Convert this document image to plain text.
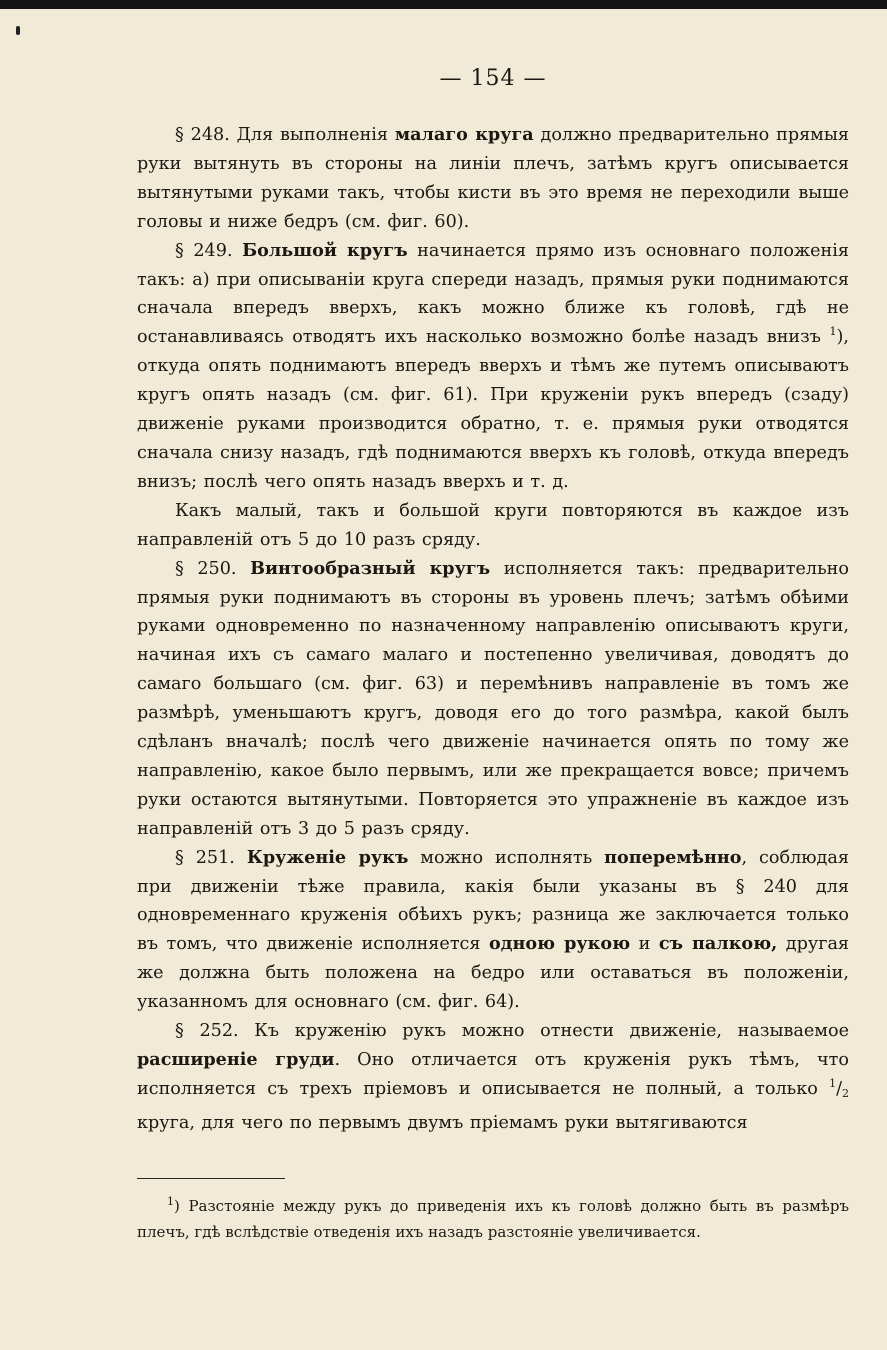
— 154 —

§ 248. Для выполненія малаго круга должно предварительно прямыя руки вытянуть въ стороны на линіи плечъ, затѣмъ кругъ описывается вытянутыми руками такъ, чтобы кисти въ это время не переходили выше головы и ниже бедръ (см. фиг. 60).

§ 249. Большой кругъ начинается прямо изъ основнаго положенія такъ: а) при описываніи круга спереди назадъ, прямыя руки поднимаются сначала впередъ вверхъ, какъ можно ближе къ головѣ, гдѣ не останавливаясь отводятъ ихъ насколько возможно болѣе назадъ внизъ $^1$), откуда опять поднимаютъ впередъ вверхъ и тѣмъ же путемъ описываютъ кругъ опять назадъ (см. фиг. 61). При круженіи рукъ впередъ (сзаду) движеніе руками производится обратно, т. е. прямыя руки отводятся сначала снизу назадъ, гдѣ поднимаются вверхъ къ головѣ, откуда впередъ внизъ; послѣ чего опять назадъ вверхъ и т. д.

Какъ малый, такъ и большой круги повторяются въ каждое изъ направленій отъ 5 до 10 разъ сряду.

§ 250. Винтообразный кругъ исполняется такъ: предварительно прямыя руки поднимаютъ въ стороны въ уровень плечъ; затѣмъ обѣими руками одновременно по назначенному направленію описываютъ круги, начиная ихъ съ самаго малаго и постепенно увеличивая, доводятъ до самаго большаго (см. фиг. 63) и перемѣнивъ направленіе въ томъ же размѣрѣ, уменьшаютъ кругъ, доводя его до того размѣра, какой былъ сдѣланъ вначалѣ; послѣ чего движеніе начинается опять по тому же направленію, какое было первымъ, или же прекращается вовсе; причемъ руки остаются вытянутыми. Повторяется это упражненіе въ каждое изъ направленій отъ 3 до 5 разъ сряду.

§ 251. Круженіе рукъ можно исполнять поперемѣнно, соблюдая при движеніи тѣже правила, какія были указаны въ § 240 для одновременнаго круженія обѣихъ рукъ; разница же заключается только въ томъ, что движеніе исполняется одною рукою и съ палкою, другая же должна быть положена на бедро или оставаться въ положеніи, указанномъ для основнаго (см. фиг. 64).

§ 252. Къ круженію рукъ можно отнести движеніе, называемое расширеніе груди. Оно отличается отъ круженія рукъ тѣмъ, что исполняется съ трехъ пріемовъ и описывается не полный, а только $^1/_2$ круга, для чего по первымъ двумъ пріемамъ руки вытягиваются

$^1$) Разстояніе между рукъ до приведенія ихъ къ головѣ должно быть въ размѣръ плечъ, гдѣ вслѣдствіе отведенія ихъ назадъ разстояніе увеличивается.
